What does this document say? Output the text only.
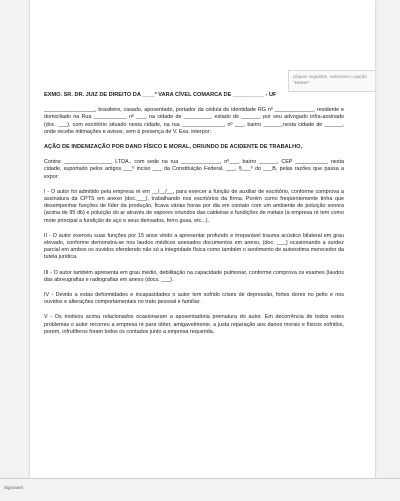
cliques seguidos, selecione o opção "Delete"

EXMO. SR. DR. JUIZ DE DIREITO DA ____ª VARA CÍVEL COMARCA DE __________ - UF

_________________, brasileiro, casado, aposentado, portador da cédula de identidade RG nº _____________, residente e domiciliado na Rua ___________ nº ___, na cidade de _________, estado de ______, por seu advogado infra-assinado (doc. ___), com escritório situado nesta cidade, na rua ______________, nº ___, bairro ______,nesta cidade de ______, onde recebe intimações e avisos, vem à presença de V. Exa. interpor:

AÇÃO DE INDENIZAÇÃO POR DANO FÍSICO E MORAL, ORIUNDO DE ACIDENTE DE TRABALHO,

Contra: ________________ LTDA., com sede na rua _____________, nº___, bairro ______, CEP ___________ nesta cidade, suportado pelos artigos ___º inciso ___ da Constituição Federal, ___, §___º do ___B, pelas razões que passa a expor:

I - O autor foi admitido pela empresa ré em __/__/__, para exercer a função de auxiliar de escritório, conforme comprova a assinatura da CPTS em anexo (doc.___), trabalhando nos escritórios da firma. Porém como freqüentemente tinha que desempenhar funções de líder da produção, ficava várias horas por dia em contato com um ambiente de poluição sonora (acima de 95 db) e poluição do ar através de vapores oriundos das caldeiras e fundições de metais (a empresa ré tem como mote principal a fundição de aço e seus derivados, ferro gusa, etc...).

II - O autor exerceu suas funções por 15 anos vindo a apresentar profundo e irreparável trauma acústico bilateral em grau elevado, conforme demonstra-se nos laudos médicos anexados documentos em anexo, (doc. ___) ocasionando a surdez parcial em ambos os ouvidos ofendendo não só a integridade física como também o sentimento de autoestima merecedor da tutela jurídica.

III - O autor também apresenta em grau médio, debilitação na capacidade pulmonar, conforme comprova os exames (laudos das abreugrafias e radiografias em anexo (docs. ___).

IV - Devido a estas deformidades e incapacidades o autor tem sofrido crises de depressão, fortes dores no peito e nos ouvidos e alterações comportamentais no trato pessoal e familiar.

V - Os motivos acima relacionados ocasionaram a aposentadoria prematura do autor. Em decorrência de todos estes problemas o autor recorreu a empresa ré para obter, amigavelmente, a justa reparação aos danos morais e físicos sofridos, porem, infrutíferos foram todos os contados junto a empresa requerida.

Sigmanet
